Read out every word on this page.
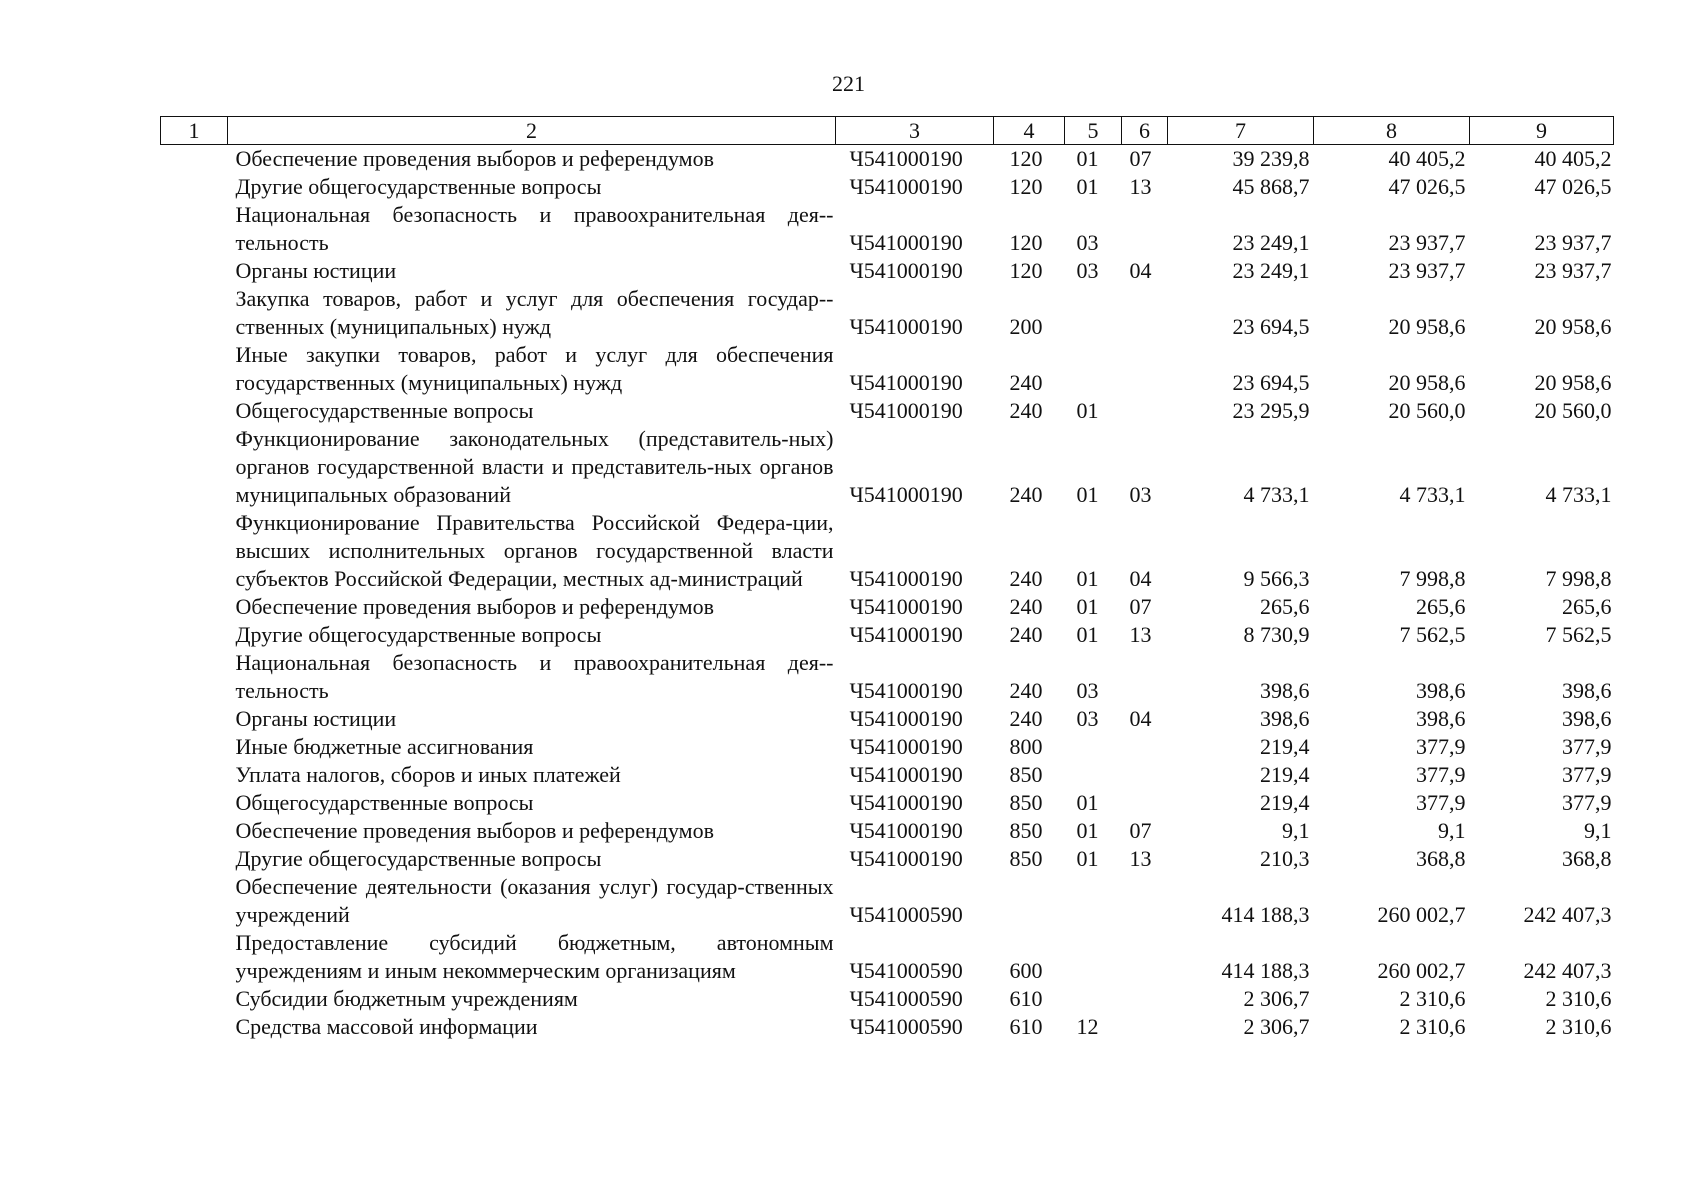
221
1	2	3	4	5	6	7	8	9
	Обеспечение проведения выборов и референдумов	Ч541000190	120	01	07	39 239,8	40 405,2	40 405,2
	Другие общегосударственные вопросы	Ч541000190	120	01	13	45 868,7	47 026,5	47 026,5
	Национальная безопасность и правоохранительная дея-тельность	Ч541000190	120	03		23 249,1	23 937,7	23 937,7
	Органы юстиции	Ч541000190	120	03	04	23 249,1	23 937,7	23 937,7
	Закупка товаров, работ и услуг для обеспечения государ-ственных (муниципальных) нужд	Ч541000190	200			23 694,5	20 958,6	20 958,6
	Иные закупки товаров, работ и услуг для обеспечения государственных (муниципальных) нужд	Ч541000190	240			23 694,5	20 958,6	20 958,6
	Общегосударственные вопросы	Ч541000190	240	01		23 295,9	20 560,0	20 560,0
	Функционирование законодательных (представитель-ных) органов государственной власти и представитель-ных органов муниципальных образований	Ч541000190	240	01	03	4 733,1	4 733,1	4 733,1
	Функционирование Правительства Российской Федера-ции, высших исполнительных органов государственной власти субъектов Российской Федерации, местных ад-министраций	Ч541000190	240	01	04	9 566,3	7 998,8	7 998,8
	Обеспечение проведения выборов и референдумов	Ч541000190	240	01	07	265,6	265,6	265,6
	Другие общегосударственные вопросы	Ч541000190	240	01	13	8 730,9	7 562,5	7 562,5
	Национальная безопасность и правоохранительная дея-тельность	Ч541000190	240	03		398,6	398,6	398,6
	Органы юстиции	Ч541000190	240	03	04	398,6	398,6	398,6
	Иные бюджетные ассигнования	Ч541000190	800			219,4	377,9	377,9
	Уплата налогов, сборов и иных платежей	Ч541000190	850			219,4	377,9	377,9
	Общегосударственные вопросы	Ч541000190	850	01		219,4	377,9	377,9
	Обеспечение проведения выборов и референдумов	Ч541000190	850	01	07	9,1	9,1	9,1
	Другие общегосударственные вопросы	Ч541000190	850	01	13	210,3	368,8	368,8
	Обеспечение деятельности (оказания услуг) государ-ственных учреждений	Ч541000590				414 188,3	260 002,7	242 407,3
	Предоставление субсидий бюджетным, автономным учреждениям и иным некоммерческим организациям	Ч541000590	600			414 188,3	260 002,7	242 407,3
	Субсидии бюджетным учреждениям	Ч541000590	610			2 306,7	2 310,6	2 310,6
	Средства массовой информации	Ч541000590	610	12		2 306,7	2 310,6	2 310,6
